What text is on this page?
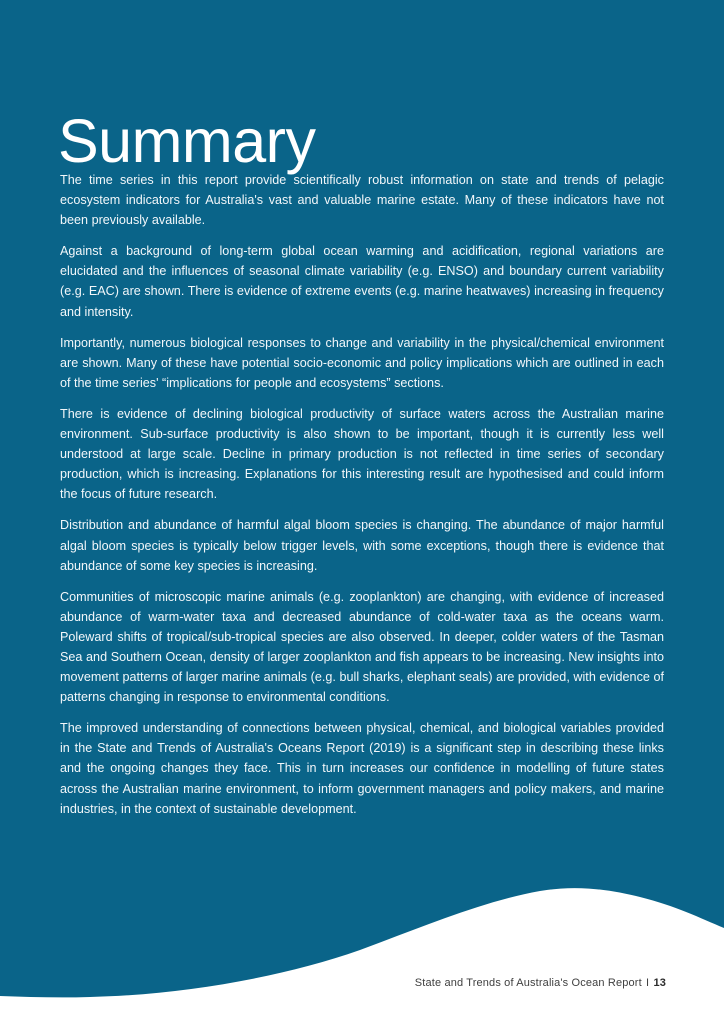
Summary

The time series in this report provide scientifically robust information on state and trends of pelagic ecosystem indicators for Australia's vast and valuable marine estate. Many of these indicators have not been previously available.

Against a background of long-term global ocean warming and acidification, regional variations are elucidated and the influences of seasonal climate variability (e.g. ENSO) and boundary current variability (e.g. EAC) are shown. There is evidence of extreme events (e.g. marine heatwaves) increasing in frequency and intensity.

Importantly, numerous biological responses to change and variability in the physical/chemical environment are shown. Many of these have potential socio-economic and policy implications which are outlined in each of the time series' “implications for people and ecosystems” sections.

There is evidence of declining biological productivity of surface waters across the Australian marine environment. Sub-surface productivity is also shown to be important, though it is currently less well understood at large scale. Decline in primary production is not reflected in time series of secondary production, which is increasing. Explanations for this interesting result are hypothesised and could inform the focus of future research.

Distribution and abundance of harmful algal bloom species is changing. The abundance of major harmful algal bloom species is typically below trigger levels, with some exceptions, though there is evidence that abundance of some key species is increasing.

Communities of microscopic marine animals (e.g. zooplankton) are changing, with evidence of increased abundance of warm-water taxa and decreased abundance of cold-water taxa as the oceans warm. Poleward shifts of tropical/sub-tropical species are also observed. In deeper, colder waters of the Tasman Sea and Southern Ocean, density of larger zooplankton and fish appears to be increasing. New insights into movement patterns of larger marine animals (e.g. bull sharks, elephant seals) are provided, with evidence of patterns changing in response to environmental conditions.

The improved understanding of connections between physical, chemical, and biological variables provided in the State and Trends of Australia's Oceans Report (2019) is a significant step in describing these links and the ongoing changes they face. This in turn increases our confidence in modelling of future states across the Australian marine environment, to inform government managers and policy makers, and marine industries, in the context of sustainable development.

State and Trends of Australia's Ocean Report I 13
